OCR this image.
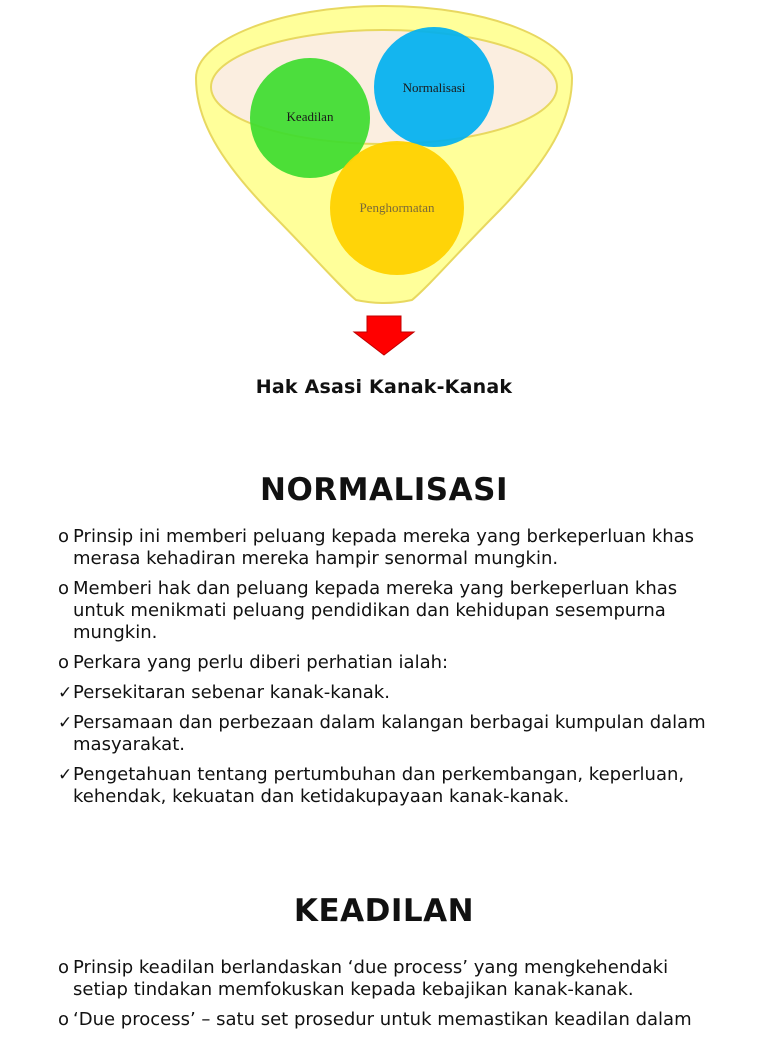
Normalisasi
Keadilan
Penghormatan
Hak Asasi Kanak-Kanak
NORMALISASI
o Prinsip ini memberi peluang kepada mereka yang berkeperluan khas merasa kehadiran mereka hampir senormal mungkin.
o Memberi hak dan peluang kepada mereka yang berkeperluan khas untuk menikmati peluang pendidikan dan kehidupan sesempurna mungkin.
o Perkara yang perlu diberi perhatian ialah:
✓Persekitaran sebenar kanak-kanak.
✓Persamaan dan perbezaan dalam kalangan berbagai kumpulan dalam masyarakat.
✓Pengetahuan tentang pertumbuhan dan perkembangan, keperluan, kehendak, kekuatan dan ketidakupayaan kanak-kanak.
KEADILAN
o Prinsip keadilan berlandaskan ‘due process’ yang mengkehendaki setiap tindakan memfokuskan kepada kebajikan kanak-kanak.
o ‘Due process’ – satu set prosedur untuk memastikan keadilan dalam
